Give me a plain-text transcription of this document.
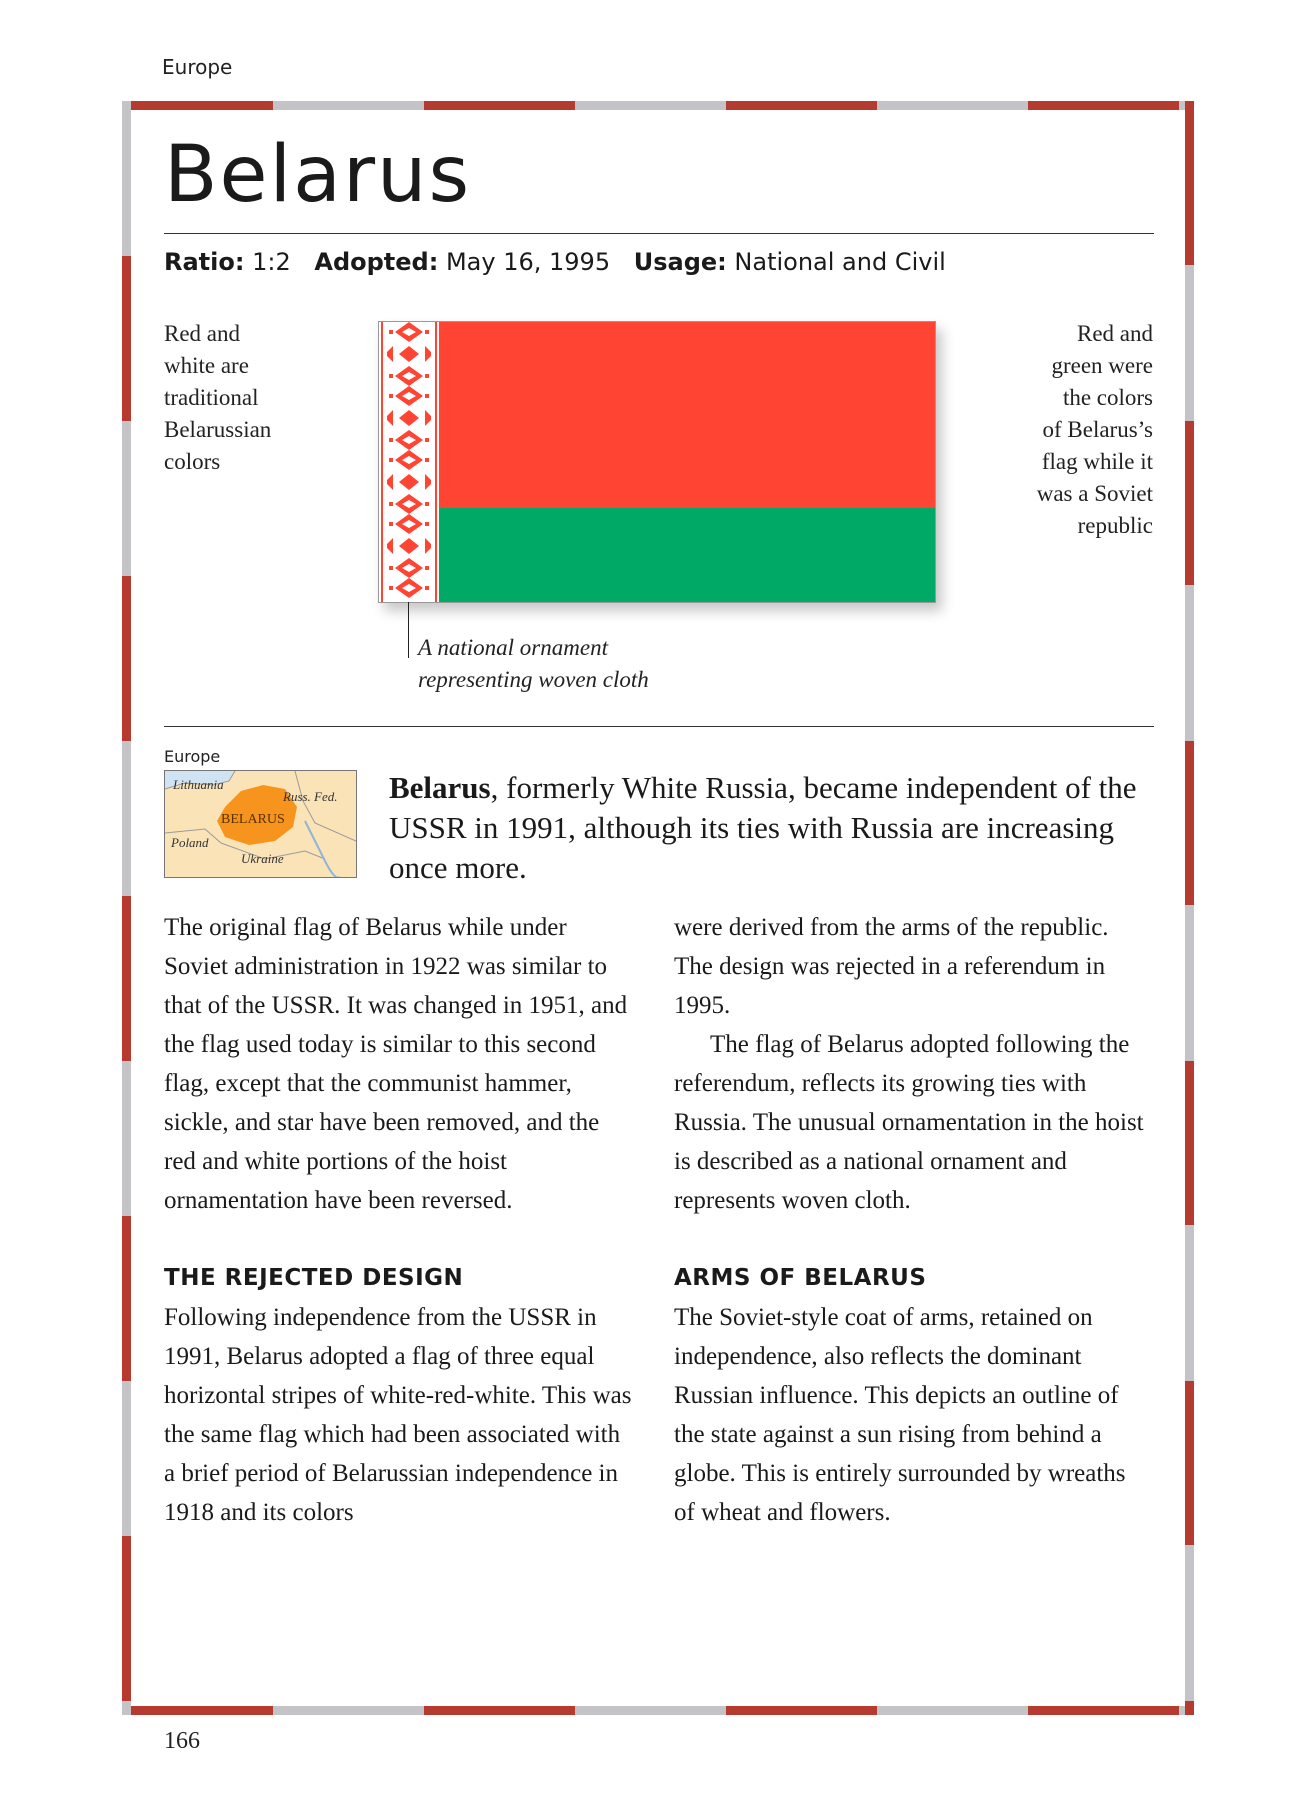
Europe
Belarus
Ratio: 1:2 Adopted: May 16, 1995 Usage: National and Civil
Red and
white are
traditional
Belarussian
colors
Red and
green were
the colors
of Belarus’s
flag while it
was a Soviet
republic
A national ornament
representing woven cloth
Europe
Lithuania
Russ. Fed.
BELARUS
Poland
Ukraine
Belarus, formerly White Russia, became independent of the USSR in 1991, although its ties with Russia are increasing once more.

The original flag of Belarus while under Soviet administration in 1922 was similar to that of the USSR. It was changed in 1951, and the flag used today is similar to this second flag, except that the communist hammer, sickle, and star have been removed, and the red and white portions of the hoist ornamentation have been reversed.

THE REJECTED DESIGN

Following independence from the USSR in 1991, Belarus adopted a flag of three equal horizontal stripes of white-red-white. This was the same flag which had been associated with a brief period of Belarussian independence in 1918 and its colors

were derived from the arms of the republic. The design was rejected in a referendum in 1995.

The flag of Belarus adopted following the referendum, reflects its growing ties with Russia. The unusual ornamentation in the hoist is described as a national ornament and represents woven cloth.

ARMS OF BELARUS

The Soviet-style coat of arms, retained on independence, also reflects the dominant Russian influence. This depicts an outline of the state against a sun rising from behind a globe. This is entirely surrounded by wreaths of wheat and flowers.

166
